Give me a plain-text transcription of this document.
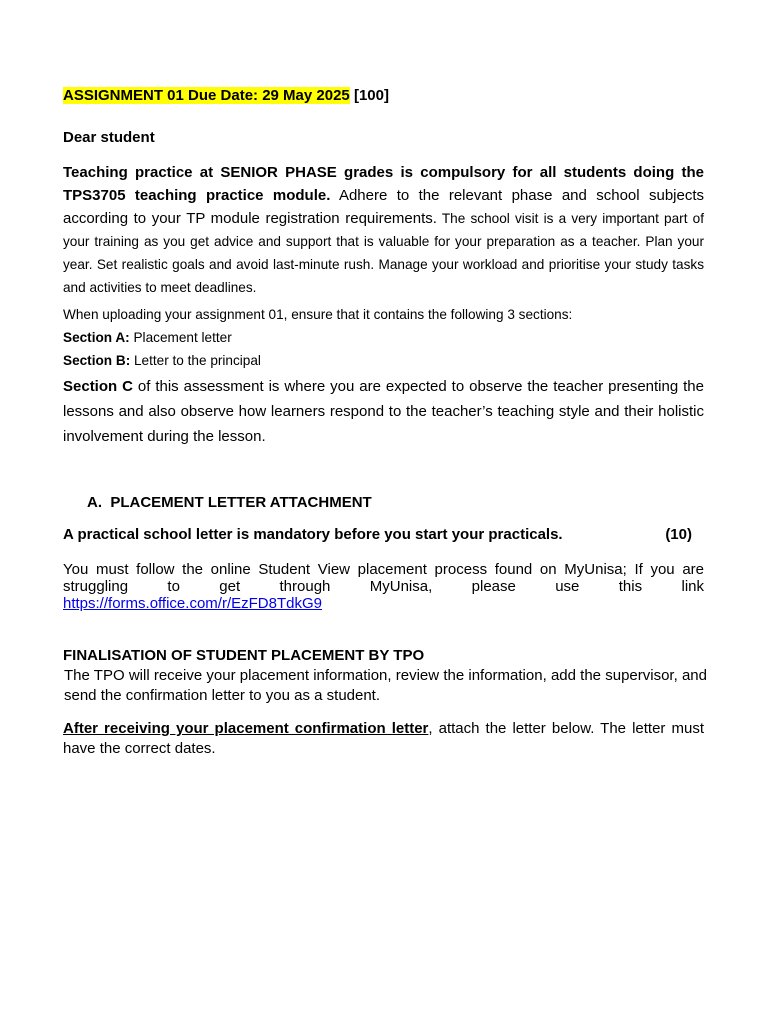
ASSIGNMENT 01 Due Date: 29 May 2025 [100]

Dear student

Teaching practice at SENIOR PHASE grades is compulsory for all students doing the TPS3705 teaching practice module. Adhere to the relevant phase and school subjects according to your TP module registration requirements. The school visit is a very important part of your training as you get advice and support that is valuable for your preparation as a teacher. Plan your year. Set realistic goals and avoid last-minute rush. Manage your workload and prioritise your study tasks and activities to meet deadlines.

When uploading your assignment 01, ensure that it contains the following 3 sections:

Section A: Placement letter

Section B: Letter to the principal

Section C of this assessment is where you are expected to observe the teacher presenting the lessons and also observe how learners respond to the teacher’s teaching style and their holistic involvement during the lesson.

A. PLACEMENT LETTER ATTACHMENT

A practical school letter is mandatory before you start your practicals.	(10)
You must follow the online Student View placement process found on MyUnisa; If you are
struggling to get through MyUnisa, please use this link
https://forms.office.com/r/EzFD8TdkG9

FINALISATION OF STUDENT PLACEMENT BY TPO

The TPO will receive your placement information, review the information, add the supervisor, and send the confirmation letter to you as a student.

After receiving your placement confirmation letter, attach the letter below. The letter must have the correct dates.
